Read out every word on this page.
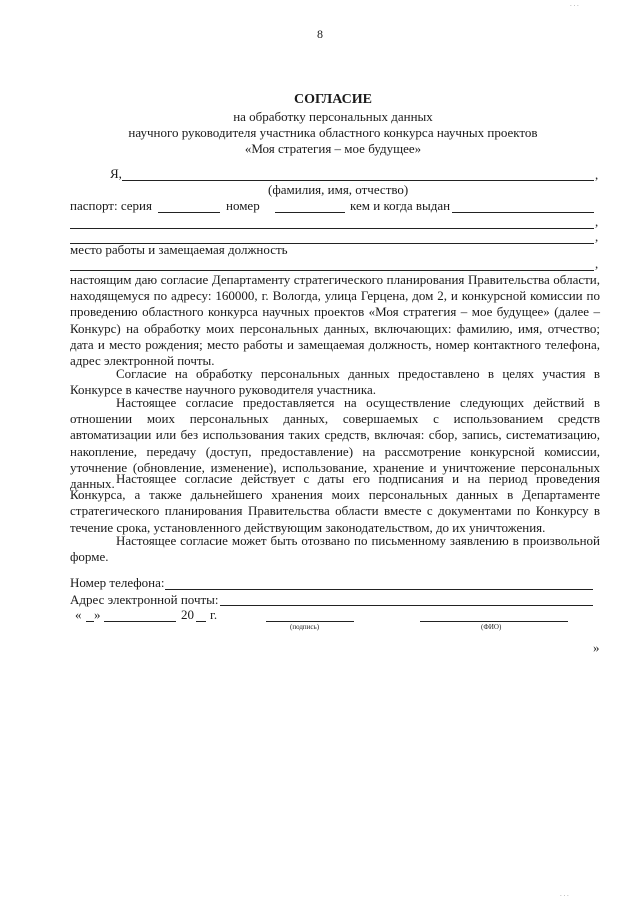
8
СОГЛАСИЕ
на обработку персональных данных
научного руководителя участника областного конкурса научных проектов
«Моя стратегия – мое будущее»
Я,	,
(фамилия, имя, отчество)
паспорт: серия	номер	кем и когда выдан
,
,
место работы и замещаемая должность
,
настоящим даю согласие Департаменту стратегического планирования Правительства области, находящемуся по адресу: 160000, г. Вологда, улица Герцена, дом 2, и конкурсной комиссии по проведению областного конкурса научных проектов «Моя стратегия – мое будущее» (далее – Конкурс) на обработку моих персональных данных, включающих: фамилию, имя, отчество; дата и место рождения; место работы и замещаемая должность, номер контактного телефона, адрес электронной почты.
Согласие на обработку персональных данных предоставлено в целях участия в Конкурсе в качестве научного руководителя участника.
Настоящее согласие предоставляется на осуществление следующих действий в отношении моих персональных данных, совершаемых с использованием средств автоматизации или без использования таких средств, включая: сбор, запись, систематизацию, накопление, передачу (доступ, предоставление) на рассмотрение конкурсной комиссии, уточнение (обновление, изменение), использование, хранение и уничтожение персональных данных. Настоящее согласие действует с даты его подписания и на период проведения Конкурса, а также дальнейшего хранения моих персональных данных в Департаменте стратегического планирования Правительства области вместе с документами по Конкурсу в течение срока, установленного действующим законодательством, до их уничтожения.
Настоящее согласие может быть отозвано по письменному заявлению в произвольной форме.
Номер телефона:
Адрес электронной почты:
« »	20 г.
(подпись)	(ФИО)
»
. . .
. . .
